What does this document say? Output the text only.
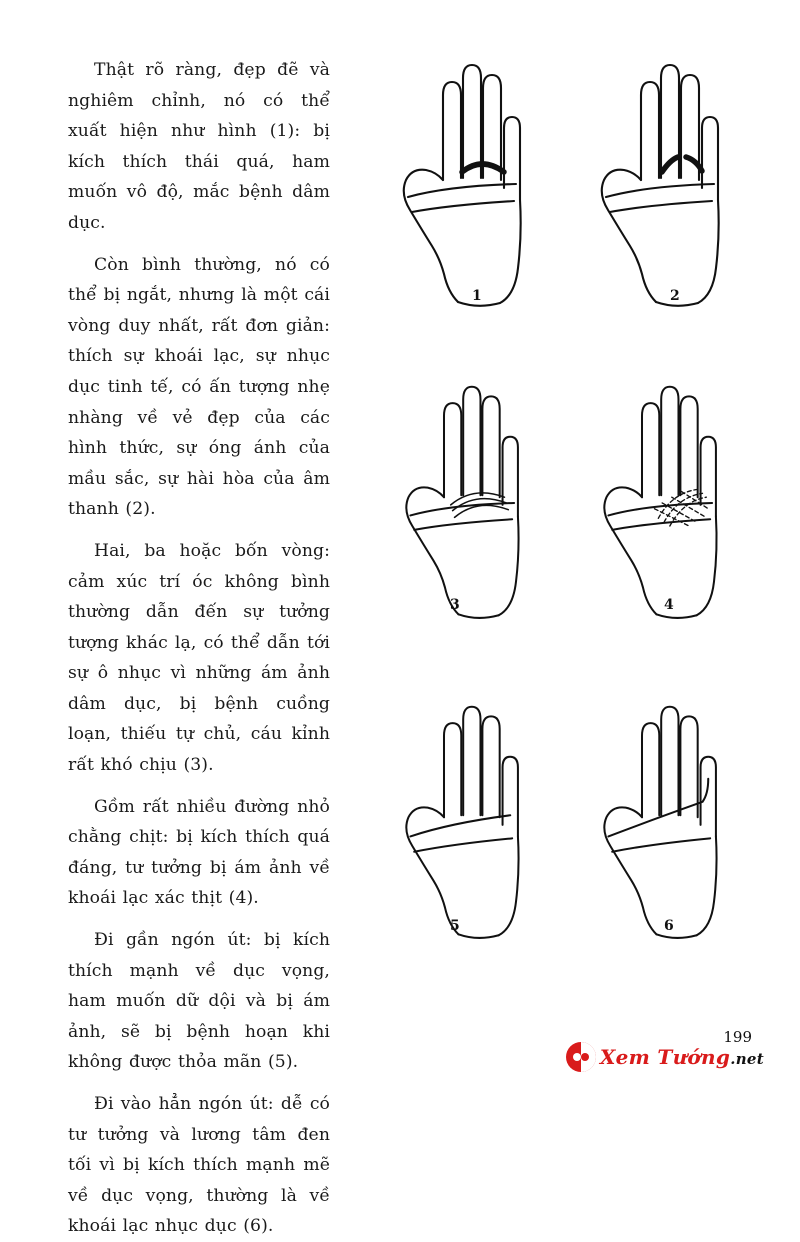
Thật rõ ràng, đẹp đẽ và nghiêm chỉnh, nó có thể xuất hiện như hình (1): bị kích thích thái quá, ham muốn vô độ, mắc bệnh dâm dục.

Còn bình thường, nó có thể bị ngắt, nhưng là một cái vòng duy nhất, rất đơn giản: thích sự khoái lạc, sự nhục dục tinh tế, có ấn tượng nhẹ nhàng về vẻ đẹp của các hình thức, sự óng ánh của mầu sắc, sự hài hòa của âm thanh (2).

Hai, ba hoặc bốn vòng: cảm xúc trí óc không bình thường dẫn đến sự tưởng tượng khác lạ, có thể dẫn tới sự ô nhục vì những ám ảnh dâm dục, bị bệnh cuồng loạn, thiếu tự chủ, cáu kỉnh rất khó chịu (3).

Gồm rất nhiều đường nhỏ chằng chịt: bị kích thích quá đáng, tư tưởng bị ám ảnh về khoái lạc xác thịt (4).

Đi gần ngón út: bị kích thích mạnh về dục vọng, ham muốn dữ dội và bị ám ảnh, sẽ bị bệnh hoạn khi không được thỏa mãn (5).

Đi vào hẳn ngón út: dễ có tư tưởng và lương tâm đen tối vì bị kích thích mạnh mẽ về dục vọng, thường là về khoái lạc nhục dục (6).

1	2
3	4
5	6
199
Xem Tướng.net
